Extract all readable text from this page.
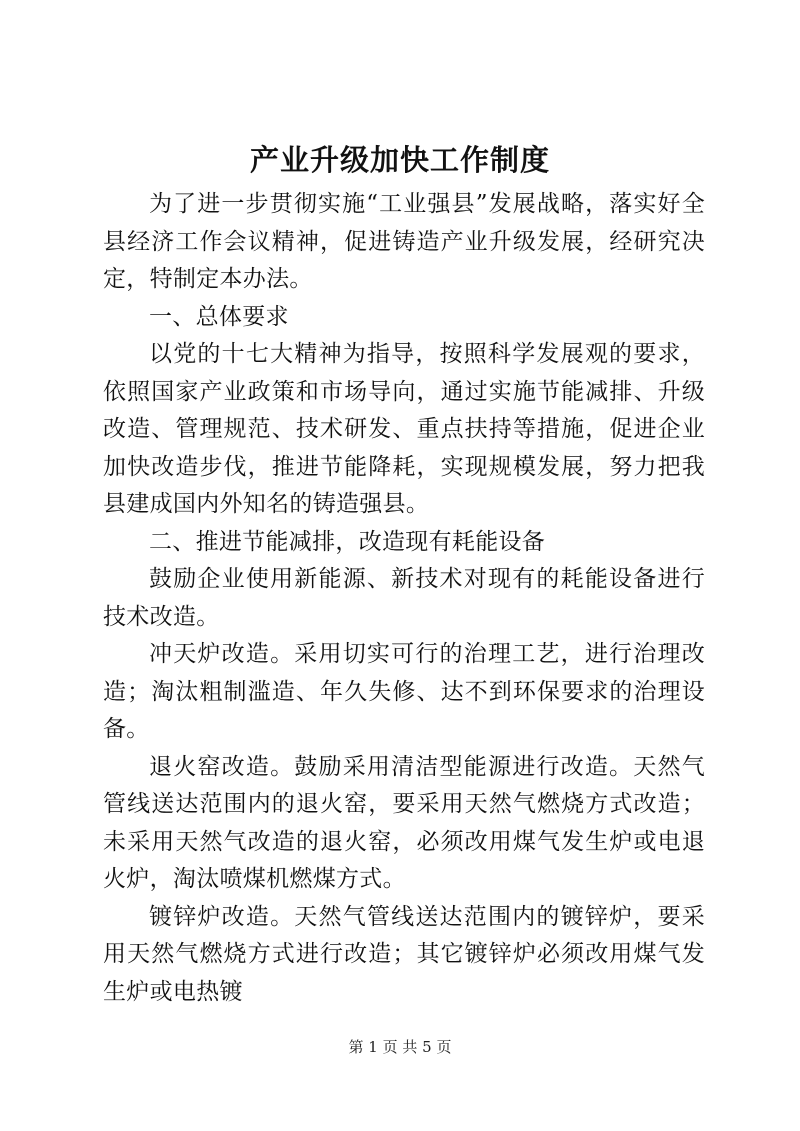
产业升级加快工作制度

为了进一步贯彻实施“工业强县”发展战略，落实好全县经济工作会议精神，促进铸造产业升级发展，经研究决定，特制定本办法。

一、总体要求

以党的十七大精神为指导，按照科学发展观的要求，依照国家产业政策和市场导向，通过实施节能减排、升级改造、管理规范、技术研发、重点扶持等措施，促进企业加快改造步伐，推进节能降耗，实现规模发展，努力把我县建成国内外知名的铸造强县。

二、推进节能减排，改造现有耗能设备

鼓励企业使用新能源、新技术对现有的耗能设备进行技术改造。

冲天炉改造。采用切实可行的治理工艺，进行治理改造；淘汰粗制滥造、年久失修、达不到环保要求的治理设备。

退火窑改造。鼓励采用清洁型能源进行改造。天然气管线送达范围内的退火窑，要采用天然气燃烧方式改造；未采用天然气改造的退火窑，必须改用煤气发生炉或电退火炉，淘汰喷煤机燃煤方式。

镀锌炉改造。天然气管线送达范围内的镀锌炉，要采用天然气燃烧方式进行改造；其它镀锌炉必须改用煤气发生炉或电热镀

第 1 页 共 5 页
